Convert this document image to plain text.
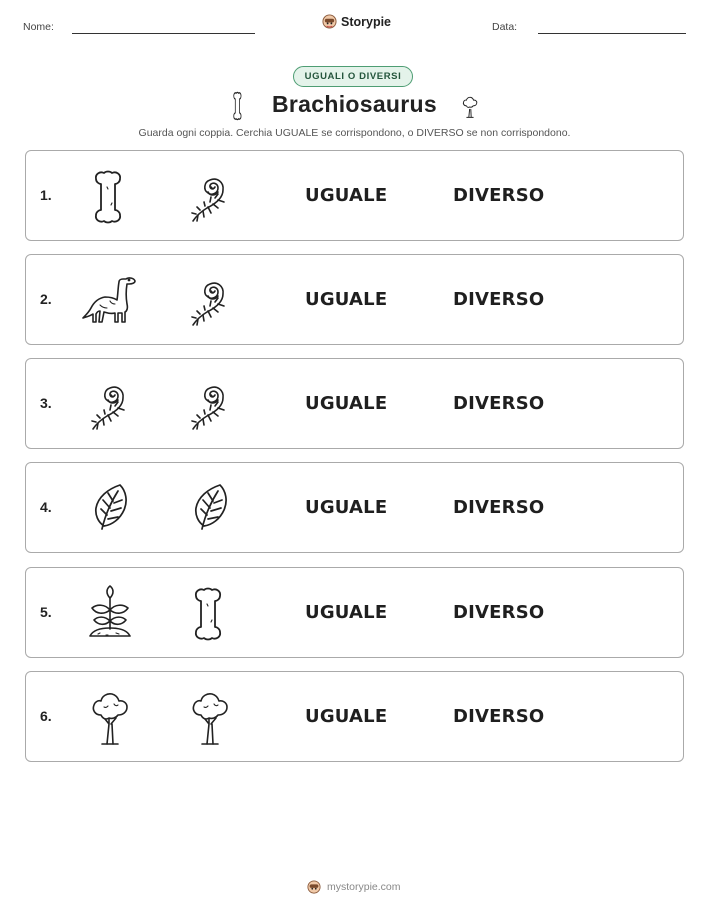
Nome:	Storypie	Data:
UGUALI O DIVERSI
Brachiosaurus
Guarda ogni coppia. Cerchia UGUALE se corrispondono, o DIVERSO se non corrispondono.
1.	UGUALE	DIVERSO
2.	UGUALE	DIVERSO
3.	UGUALE	DIVERSO
4.	UGUALE	DIVERSO
5.	UGUALE	DIVERSO
6.	UGUALE	DIVERSO
mystorypie.com
